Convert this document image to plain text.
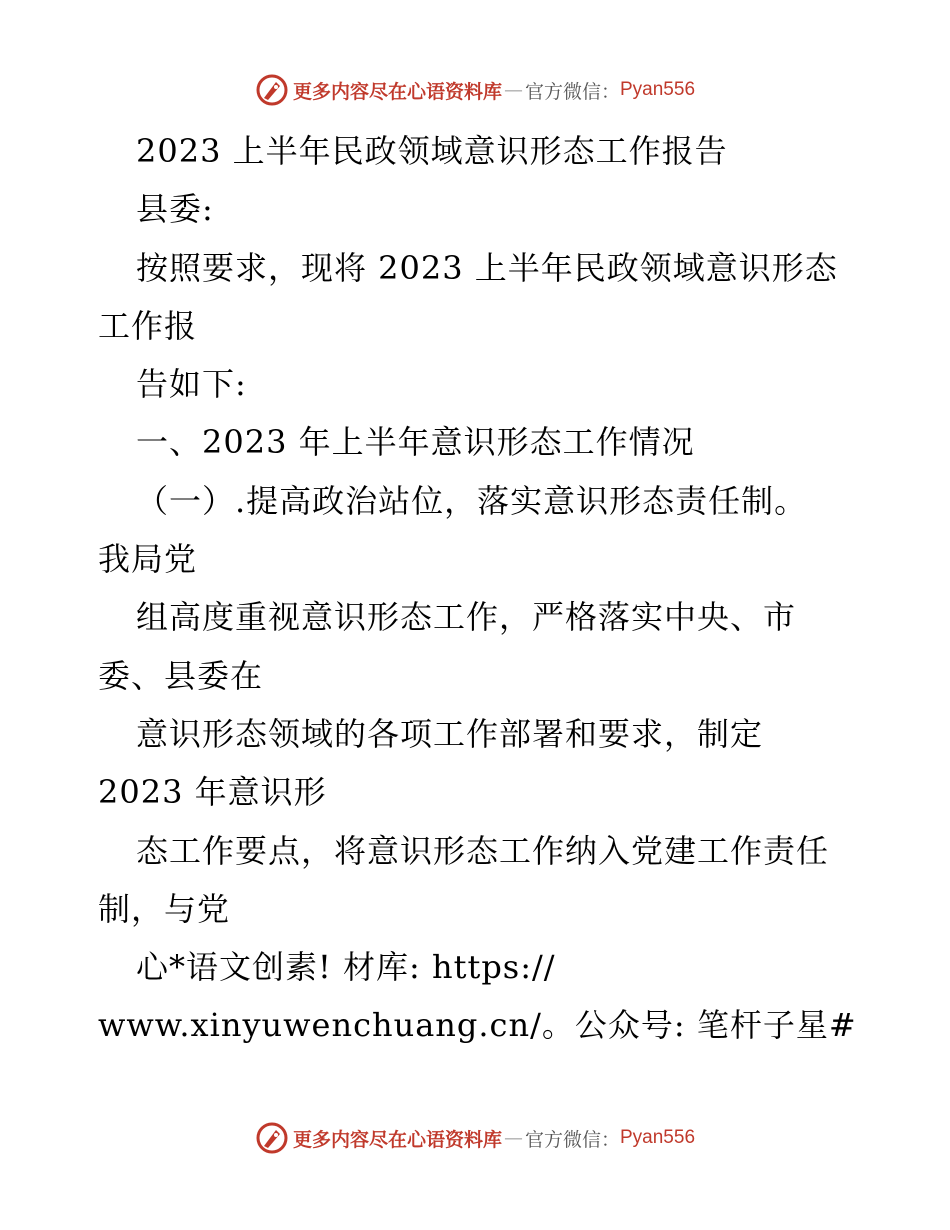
更多内容尽在心语资料库 — 官方微信： Pyan556
2023 上半年民政领域意识形态工作报告
县委:
按照要求，现将 2023 上半年民政领域意识形态
工作报
告如下:
一、2023 年上半年意识形态工作情况
（一）.提高政治站位，落实意识形态责任制。
我局党
组高度重视意识形态工作，严格落实中央、市
委、县委在
意识形态领域的各项工作部署和要求，制定
2023 年意识形
态工作要点，将意识形态工作纳入党建工作责任
制，与党
心*语文创素! 材库: https://
www.xinyuwenchuang.cn/。公众号: 笔杆子星#
更多内容尽在心语资料库 — 官方微信： Pyan556
